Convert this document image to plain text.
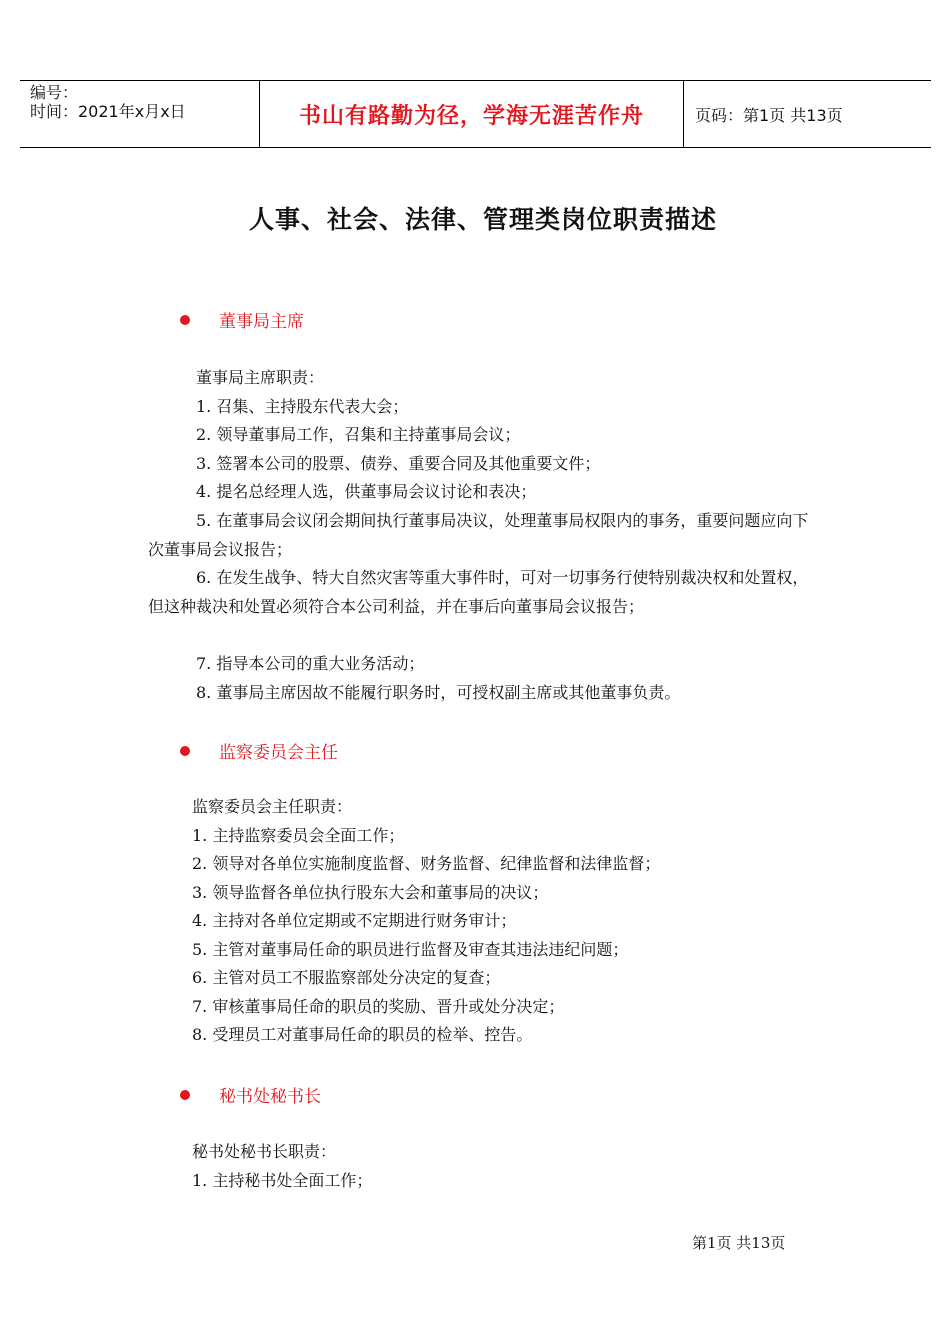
编号：
时间：2021年x月x日	书山有路勤为径，学海无涯苦作舟	页码：第1页 共13页
人事、社会、法律、管理类岗位职责描述
董事局主席
董事局主席职责：
1. 召集、主持股东代表大会；
2. 领导董事局工作，召集和主持董事局会议；
3. 签署本公司的股票、债券、重要合同及其他重要文件；
4. 提名总经理人选，供董事局会议讨论和表决；
5. 在董事局会议闭会期间执行董事局决议，处理董事局权限内的事务，重要问题应向下次董事局会议报告；
6. 在发生战争、特大自然灾害等重大事件时，可对一切事务行使特别裁决权和处置权，但这种裁决和处置必须符合本公司利益，并在事后向董事局会议报告；
7. 指导本公司的重大业务活动；
8. 董事局主席因故不能履行职务时，可授权副主席或其他董事负责。
监察委员会主任
监察委员会主任职责：
1. 主持监察委员会全面工作；
2. 领导对各单位实施制度监督、财务监督、纪律监督和法律监督；
3. 领导监督各单位执行股东大会和董事局的决议；
4. 主持对各单位定期或不定期进行财务审计；
5. 主管对董事局任命的职员进行监督及审查其违法违纪问题；
6. 主管对员工不服监察部处分决定的复查；
7. 审核董事局任命的职员的奖励、晋升或处分决定；
8. 受理员工对董事局任命的职员的检举、控告。
秘书处秘书长
秘书处秘书长职责：
1. 主持秘书处全面工作；
第1页 共13页
